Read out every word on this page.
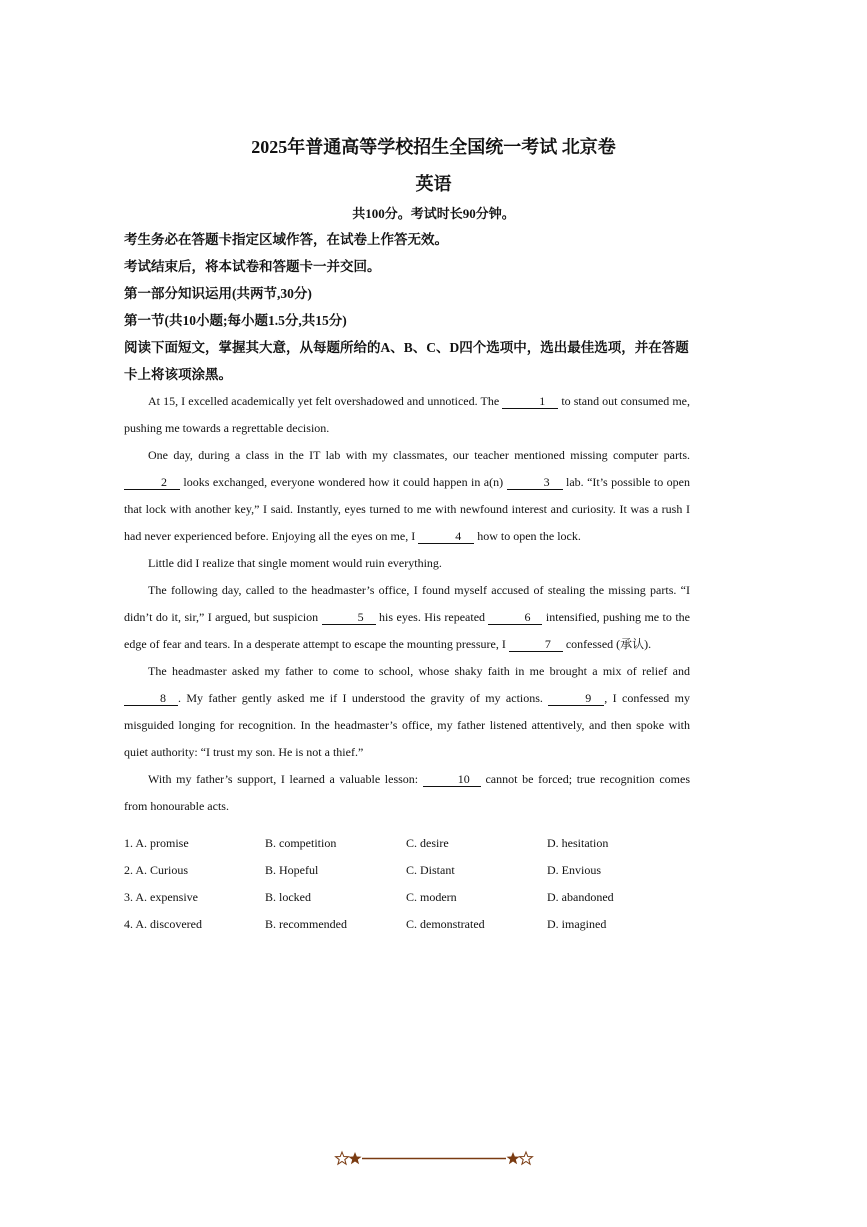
2025年普通高等学校招生全国统一考试 北京卷
英语
共100分。考试时长90分钟。
考生务必在答题卡指定区域作答，在试卷上作答无效。
考试结束后，将本试卷和答题卡一并交回。
第一部分知识运用(共两节,30分)
第一节(共10小题;每小题1.5分,共15分)
阅读下面短文，掌握其大意，从每题所给的A、B、C、D四个选项中，选出最佳选项，并在答题卡上将该项涂黑。

At 15, I excelled academically yet felt overshadowed and unnoticed. The	1 to stand out consumed me, pushing me towards a regrettable decision.

One day, during a class in the IT lab with my classmates, our teacher mentioned missing computer parts. 2 looks exchanged, everyone wondered how it could happen in a(n)	3 lab. “It’s possible to open that lock with another key,” I said. Instantly, eyes turned to me with newfound interest and curiosity. It was a rush I had never experienced before. Enjoying all the eyes on me, I	4 how to open the lock.

Little did I realize that single moment would ruin everything.

The following day, called to the headmaster’s office, I found myself accused of stealing the missing parts. “I didn’t do it, sir,” I argued, but suspicion	5 his eyes. His repeated	6 intensified, pushing me to the edge of fear and tears. In a desperate attempt to escape the mounting pressure, I	7 confessed (承认).

The headmaster asked my father to come to school, whose shaky faith in me brought a mix of relief and 8 . My father gently asked me if I understood the gravity of my actions.	9 , I confessed my misguided longing for recognition. In the headmaster’s office, my father listened attentively, and then spoke with quiet authority: “I trust my son. He is not a thief.”

With my father’s support, I learned a valuable lesson:	10 cannot be forced; true recognition comes from honourable acts.

1. A. promise	B. competition	C. desire	D. hesitation
2. A. Curious	B. Hopeful	C. Distant	D. Envious
3. A. expensive	B. locked	C. modern	D. abandoned
4. A. discovered	B. recommended	C. demonstrated	D. imagined
